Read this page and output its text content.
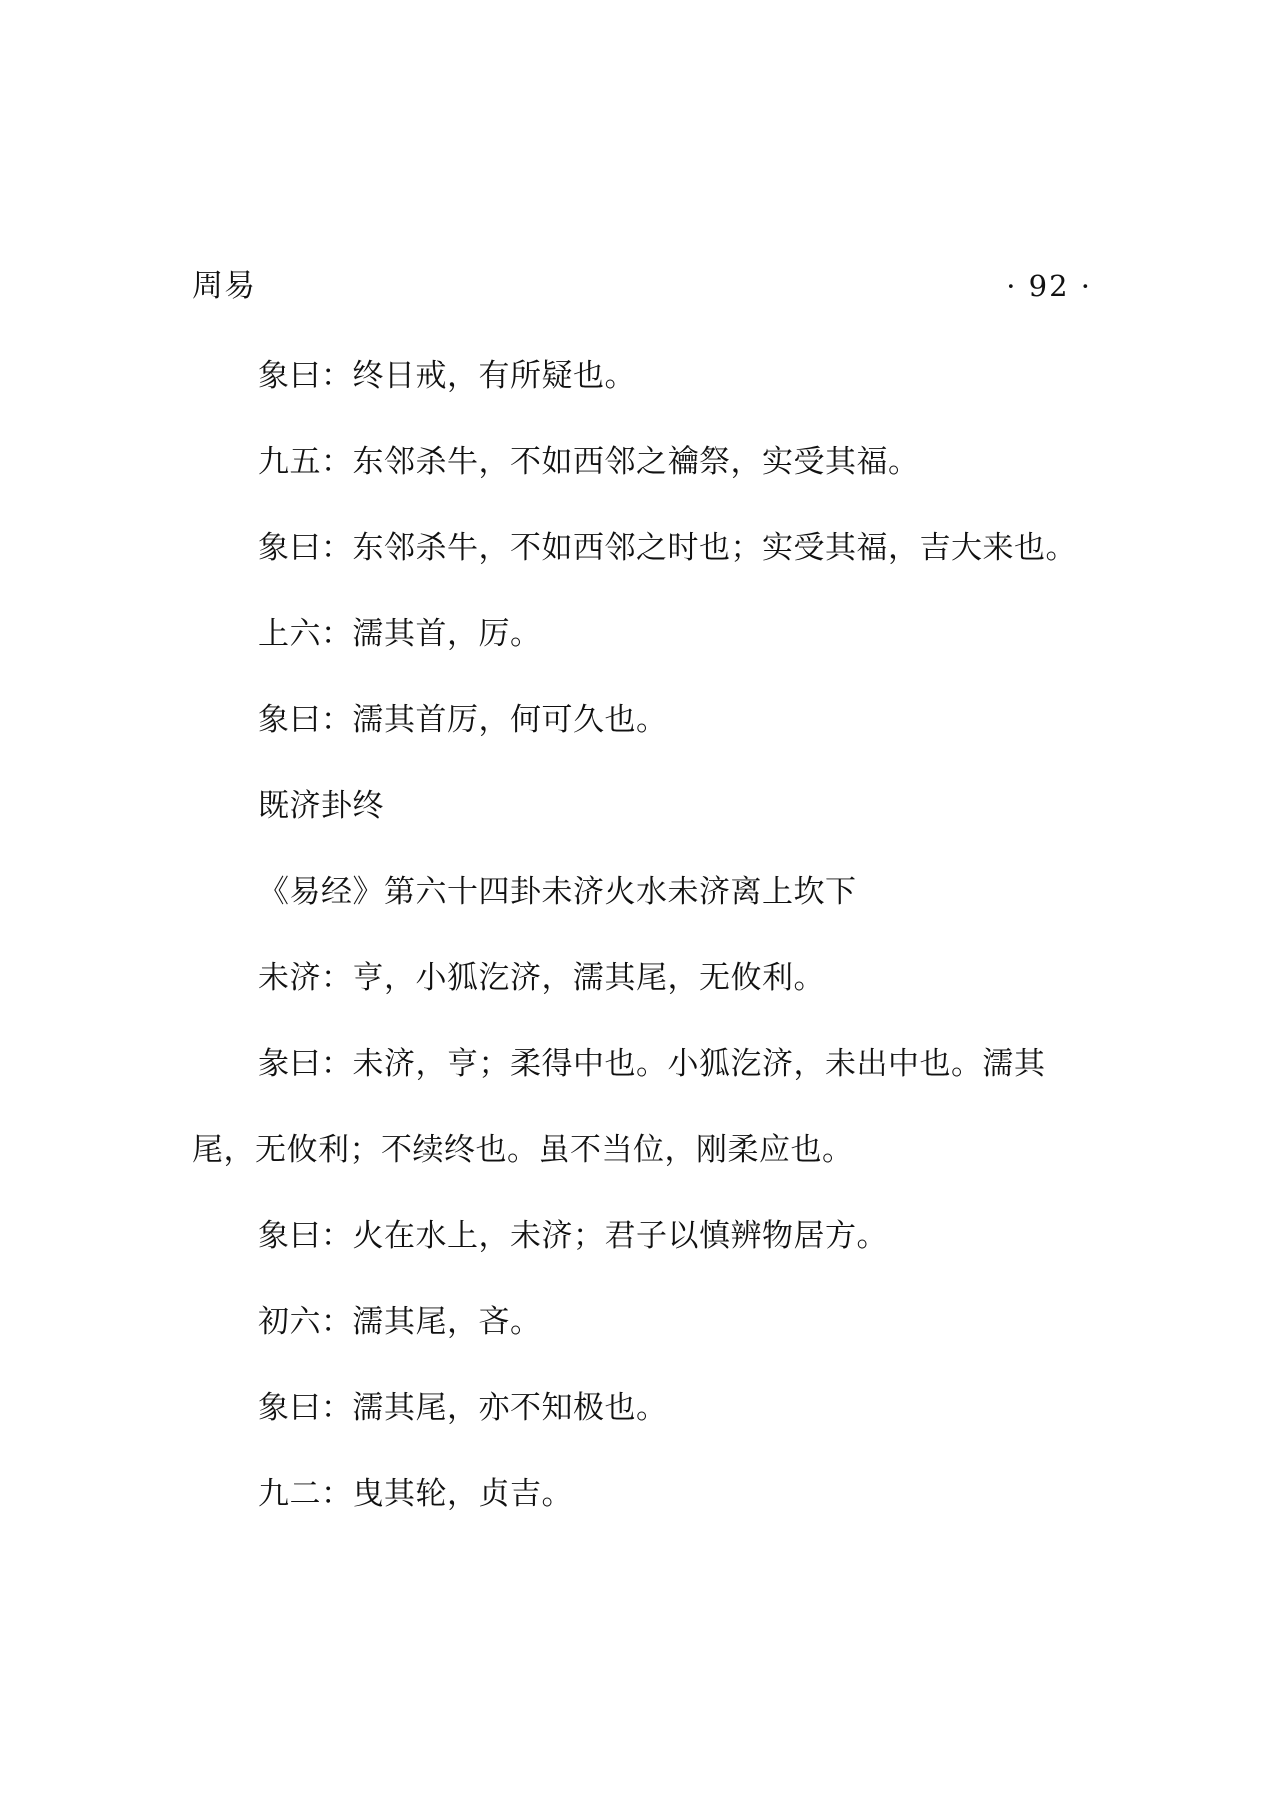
周易	· 92 ·
象曰：终日戒，有所疑也。
九五：东邻杀牛，不如西邻之禴祭，实受其福。
象曰：东邻杀牛，不如西邻之时也；实受其福，吉大来也。
上六：濡其首，厉。
象曰：濡其首厉，何可久也。
既济卦终
《易经》第六十四卦未济火水未济离上坎下
未济：亨，小狐汔济，濡其尾，无攸利。
彖曰：未济，亨；柔得中也。小狐汔济，未出中也。濡其
尾，无攸利；不续终也。虽不当位，刚柔应也。
象曰：火在水上，未济；君子以慎辨物居方。
初六：濡其尾，吝。
象曰：濡其尾，亦不知极也。
九二：曳其轮，贞吉。
